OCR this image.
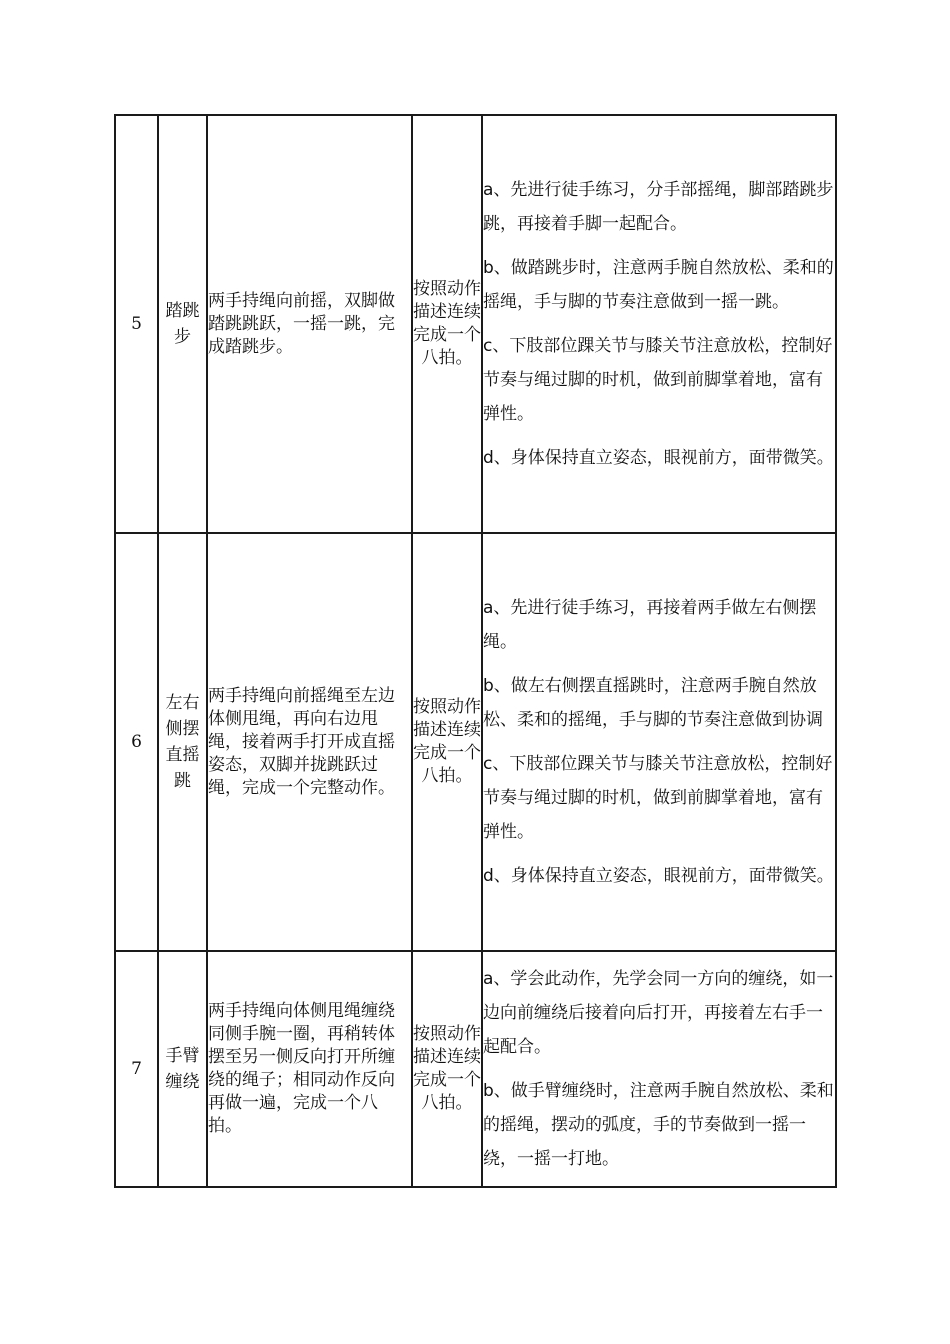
5	踏跳步	两手持绳向前摇，双脚做踏跳跳跃，一摇一跳，完成踏跳步。	按照动作描述连续完成一个八拍。	a、先进行徒手练习，分手部摇绳，脚部踏跳步跳，再接着手脚一起配合。
b、做踏跳步时，注意两手腕自然放松、柔和的摇绳，手与脚的节奏注意做到一摇一跳。
c、下肢部位踝关节与膝关节注意放松，控制好节奏与绳过脚的时机，做到前脚掌着地，富有弹性。
d、身体保持直立姿态，眼视前方，面带微笑。

6	左右侧摆直摇跳	两手持绳向前摇绳至左边体侧甩绳，再向右边甩绳，接着两手打开成直摇姿态，双脚并拢跳跃过绳，完成一个完整动作。	按照动作描述连续完成一个八拍。	a、先进行徒手练习，再接着两手做左右侧摆绳。
b、做左右侧摆直摇跳时，注意两手腕自然放松、柔和的摇绳，手与脚的节奏注意做到协调
c、下肢部位踝关节与膝关节注意放松，控制好节奏与绳过脚的时机，做到前脚掌着地，富有弹性。
d、身体保持直立姿态，眼视前方，面带微笑。

7	手臂缠绕	两手持绳向体侧甩绳缠绕同侧手腕一圈，再稍转体摆至另一侧反向打开所缠绕的绳子；相同动作反向再做一遍，完成一个八拍。	按照动作描述连续完成一个八拍。	a、学会此动作，先学会同一方向的缠绕，如一边向前缠绕后接着向后打开，再接着左右手一起配合。
b、做手臂缠绕时，注意两手腕自然放松、柔和的摇绳，摆动的弧度，手的节奏做到一摇一绕，一摇一打地。
